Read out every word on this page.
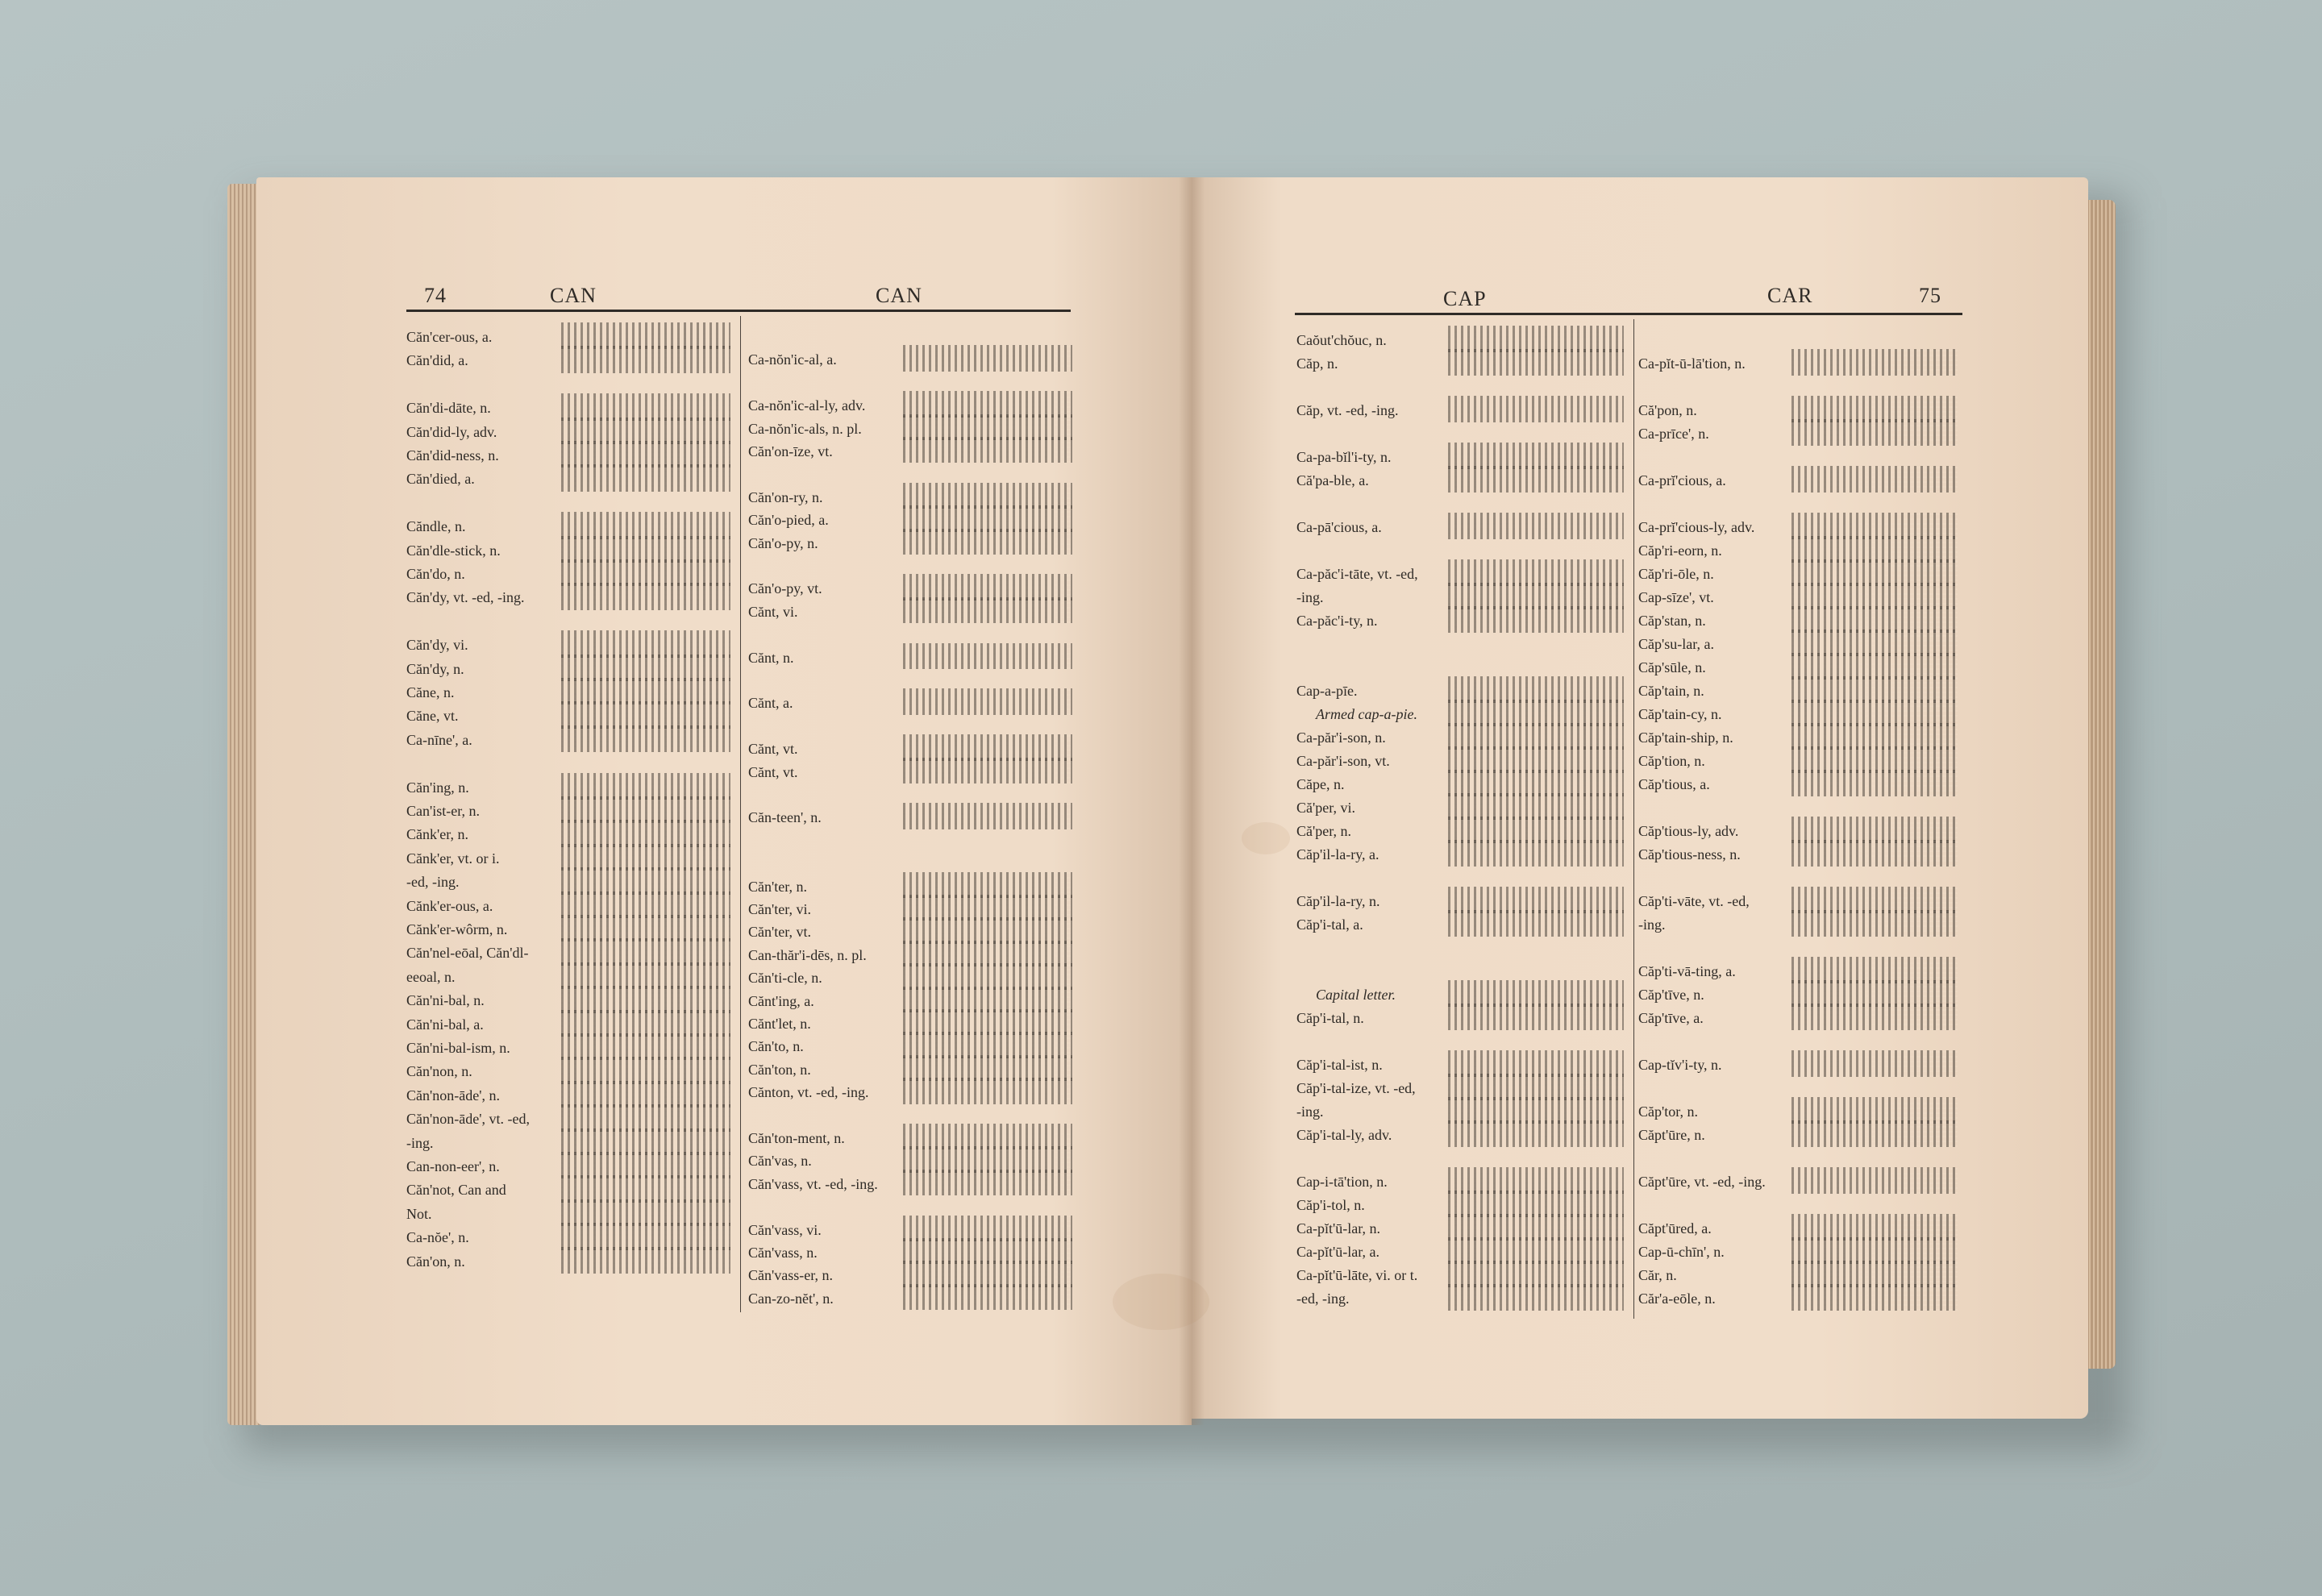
74	CAN	CAN	CAP	CAR	75
Căn'cer-ous, a.
Căn'did, a.
Căn'di-dāte, n.
Căn'did-ly, adv.
Căn'did-ness, n.
Căn'died, a.
Căndle, n.
Căn'dle-stick, n.
Căn'do, n.
Căn'dy, vt. -ed, -ing.
Căn'dy, vi.
Căn'dy, n.
Căne, n.
Căne, vt.
Ca-nīne', a.
Căn'ing, n.
Can'ist-er, n.
Cănk'er, n.
Cănk'er, vt. or i.
-ed, -ing.
Cănk'er-ous, a.
Cănk'er-wôrm, n.
Căn'nel-eōal, Căn'dl-
eeoal, n.
Căn'ni-bal, n.
Căn'ni-bal, a.
Căn'ni-bal-ism, n.
Căn'non, n.
Căn'non-āde', n.
Căn'non-āde', vt. -ed,
-ing.
Can-non-eer', n.
Căn'not, Can and
Not.
Ca-nŏe', n.
Căn'on, n.
Ca-nŏn'ic-al, a.
Ca-nŏn'ic-al-ly, adv.
Ca-nŏn'ic-als, n. pl.
Căn'on-īze, vt.
Căn'on-ry, n.
Căn'o-pied, a.
Căn'o-py, n.
Căn'o-py, vt.
Cănt, vi.
Cănt, n.
Cănt, a.
Cănt, vt.
Cănt, vt.
Căn-teen', n.
Căn'ter, n.
Căn'ter, vi.
Căn'ter, vt.
Can-thăr'i-dēs, n. pl.
Căn'ti-cle, n.
Cănt'ing, a.
Cănt'let, n.
Căn'to, n.
Căn'ton, n.
Cănton, vt. -ed, -ing.
Căn'ton-ment, n.
Căn'vas, n.
Căn'vass, vt. -ed, -ing.
Căn'vass, vi.
Căn'vass, n.
Căn'vass-er, n.
Can-zo-nĕt', n.
Caŏut'chŏuc, n.
Căp, n.
Căp, vt. -ed, -ing.
Ca-pa-bĭl'i-ty, n.
Că'pa-ble, a.
Ca-pā'cious, a.
Ca-păc'i-tāte, vt. -ed,
-ing.
Ca-păc'i-ty, n.
Cap-a-pīe.
Armed cap-a-pie.
Ca-păr'i-son, n.
Ca-păr'i-son, vt.
Căpe, n.
Că'per, vi.
Că'per, n.
Căp'il-la-ry, a.
Căp'il-la-ry, n.
Căp'i-tal, a.
Capital letter.
Căp'i-tal, n.
Căp'i-tal-ist, n.
Căp'i-tal-ize, vt. -ed,
-ing.
Căp'i-tal-ly, adv.
Cap-i-tā'tion, n.
Căp'i-tol, n.
Ca-pĭt'ū-lar, n.
Ca-pĭt'ū-lar, a.
Ca-pĭt'ū-lāte, vi. or t.
-ed, -ing.
Ca-pĭt-ū-lā'tion, n.
Că'pon, n.
Ca-prīce', n.
Ca-prĭ'cious, a.
Ca-prĭ'cious-ly, adv.
Căp'ri-eorn, n.
Căp'ri-ōle, n.
Cap-sīze', vt.
Căp'stan, n.
Căp'su-lar, a.
Căp'sūle, n.
Căp'tain, n.
Căp'tain-cy, n.
Căp'tain-ship, n.
Căp'tion, n.
Căp'tious, a.
Căp'tious-ly, adv.
Căp'tious-ness, n.
Căp'ti-vāte, vt. -ed,
-ing.
Căp'ti-vā-ting, a.
Căp'tīve, n.
Căp'tīve, a.
Cap-tĭv'i-ty, n.
Căp'tor, n.
Căpt'ūre, n.
Căpt'ūre, vt. -ed, -ing.
Căpt'ūred, a.
Cap-ū-chīn', n.
Căr, n.
Căr'a-eōle, n.
